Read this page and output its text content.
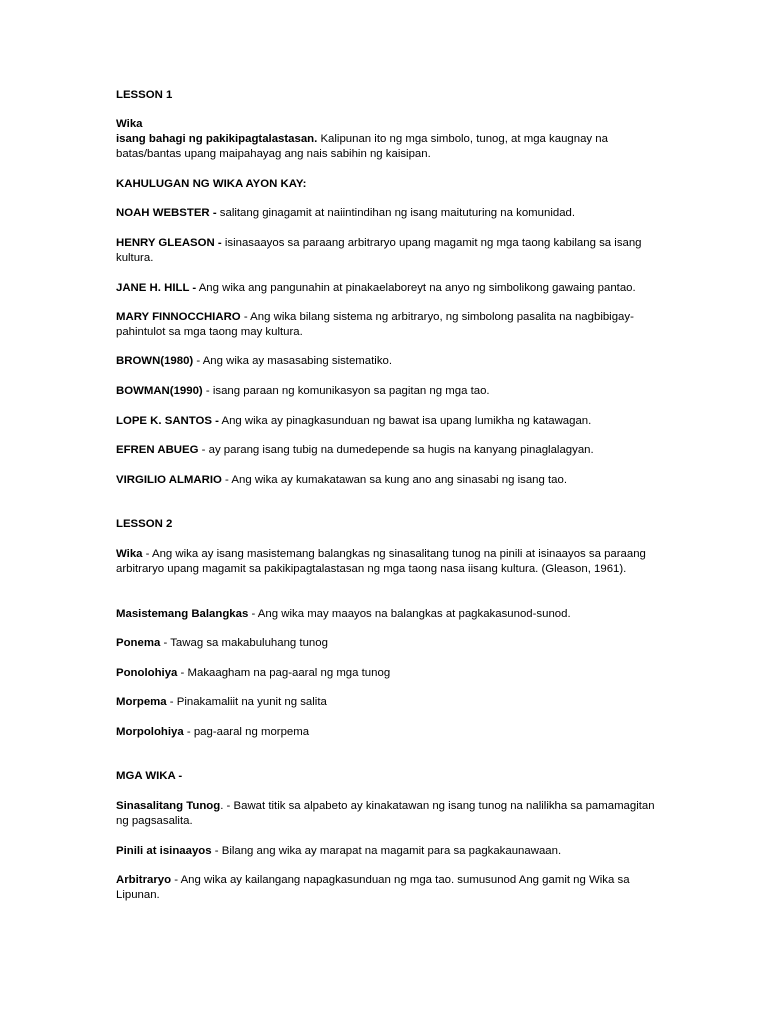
LESSON 1

Wika
isang bahagi ng pakikipagtalastasan. Kalipunan ito ng mga simbolo, tunog, at mga kaugnay na batas/bantas upang maipahayag ang nais sabihin ng kaisipan.

KAHULUGAN NG WIKA AYON KAY:

NOAH WEBSTER - salitang ginagamit at naiintindihan ng isang maituturing na komunidad.

HENRY GLEASON - isinasaayos sa paraang arbitraryo upang magamit ng mga taong kabilang sa isang kultura.

JANE H. HILL - Ang wika ang pangunahin at pinakaelaboreyt na anyo ng simbolikong gawaing pantao.

MARY FINNOCCHIARO - Ang wika bilang sistema ng arbitraryo, ng simbolong pasalita na nagbibigay-pahintulot sa mga taong may kultura.

BROWN(1980) - Ang wika ay masasabing sistematiko.

BOWMAN(1990) - isang paraan ng komunikasyon sa pagitan ng mga tao.

LOPE K. SANTOS - Ang wika ay pinagkasunduan ng bawat isa upang lumikha ng katawagan.

EFREN ABUEG - ay parang isang tubig na dumedepende sa hugis na kanyang pinaglalagyan.

VIRGILIO ALMARIO - Ang wika ay kumakatawan sa kung ano ang sinasabi ng isang tao.

LESSON 2

Wika - Ang wika ay isang masistemang balangkas ng sinasalitang tunog na pinili at isinaayos sa paraang arbitraryo upang magamit sa pakikipagtalastasan ng mga taong nasa iisang kultura. (Gleason, 1961).

Masistemang Balangkas - Ang wika may maayos na balangkas at pagkakasunod-sunod.

Ponema - Tawag sa makabuluhang tunog

Ponolohiya - Makaagham na pag-aaral ng mga tunog

Morpema - Pinakamaliit na yunit ng salita

Morpolohiya - pag-aaral ng morpema

MGA WIKA -

Sinasalitang Tunog. - Bawat titik sa alpabeto ay kinakatawan ng isang tunog na nalilikha sa pamamagitan ng pagsasalita.

Pinili at isinaayos - Bilang ang wika ay marapat na magamit para sa pagkakaunawaan.

Arbitraryo - Ang wika ay kailangang napagkasunduan ng mga tao. sumusunod Ang gamit ng Wika sa Lipunan.
